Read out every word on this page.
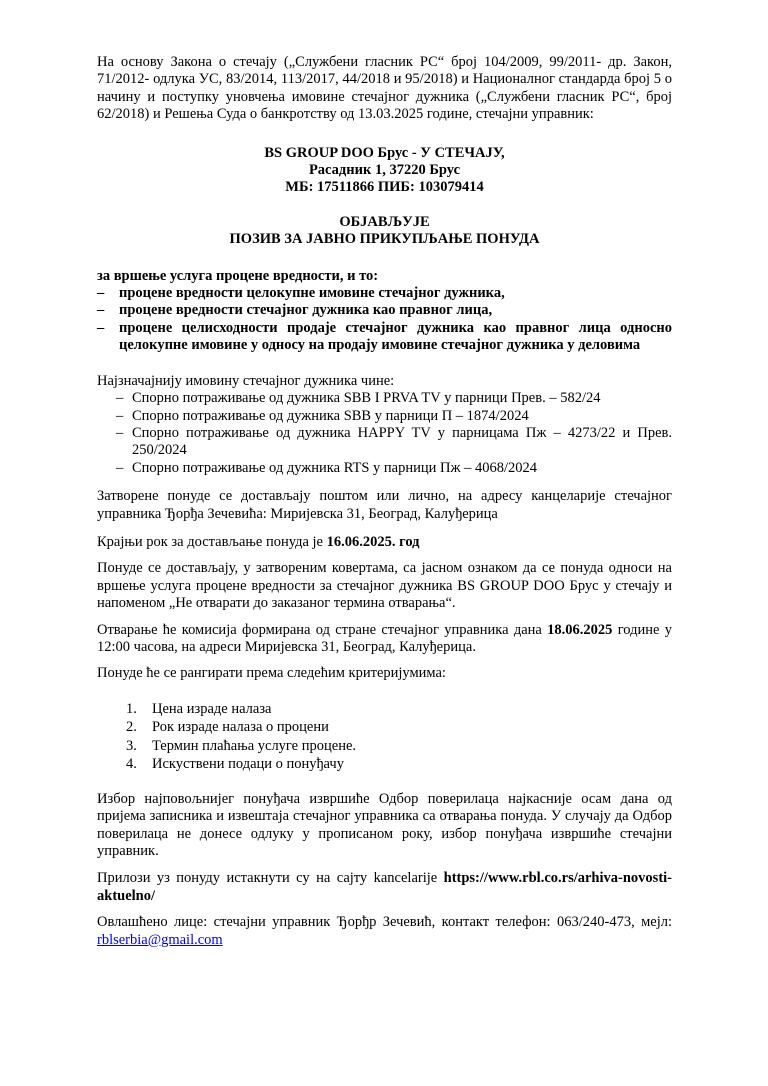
На основу Закона о стечају („Службени гласник РС“ број 104/2009, 99/2011- др. Закон, 71/2012- одлука УС, 83/2014, 113/2017, 44/2018 и 95/2018) и Националног стандарда број 5 о начину и поступку уновчења имовине стечајног дужника („Службени гласник РС“, број 62/2018) и Решења Суда о банкротству од 13.03.2025 године, стечајни управник:

BS GROUP DOO Брус - У СТЕЧАЈУ,
Расадник 1, 37220 Брус
МБ: 17511866 ПИБ: 103079414
ОБЈАВЉУЈЕ
ПОЗИВ ЗА ЈАВНО ПРИКУПЉАЊЕ ПОНУДА

за вршење услуга процене вредности, и то:

–	процене вредности целокупне имовине стечајног дужника,
–	процене вредности стечајног дужника као правног лица,
–	процене целисходности продаје стечајног дужника као правног лица односно целокупне имовине у односу на продају имовине стечајног дужника у деловима

Најзначајнију имовину стечајног дужника чине:

– Спорно потраживање од дужника SBB I PRVA TV у парници Прев. – 582/24
– Спорно потраживање од дужника SBB у парници П – 1874/2024
– Спорно потраживање од дужника HAPPY TV у парницама Пж – 4273/22 и Прев. 250/2024
– Спорно потраживање од дужника RTS у парници Пж – 4068/2024

Затворене понуде се достављају поштом или лично, на адресу канцеларије стечајног управника Ђорђа Зечевића: Миријевска 31, Београд, Калуђерица

Крајњи рок за достављање понуда је 16.06.2025. год

Понуде се достављају, у затвореним ковертама, са јасном ознаком да се понуда односи на вршење услуга процене вредности за стечајног дужника BS GROUP DOO Брус у стечају и напоменом „Не отварати до заказаног термина отварања“.

Отварање ће комисија формирана од стране стечајног управника дана 18.06.2025 године у 12:00 часова, на адреси Миријевска 31, Београд, Калуђерица.

Понуде ће се рангирати према следећим критеријумима:

1.	Цена израде налаза
2.	Рок израде налаза о процени
3.	Термин плаћања услуге процене.
4.	Искуствени подаци о понуђачу

Избор најповољнијег понуђача извршиће Одбор поверилаца најкасније осам дана од пријема записника и извештаја стечајног управника са отварања понуда. У случају да Одбор поверилаца не донесе одлуку у прописаном року, избор понуђача извршиће стечајни управник.

Прилози уз понуду истакнути су на сајту kancelarije https://www.rbl.co.rs/arhiva-novosti-aktuelno/

Овлашћено лице: стечајни управник Ђорђр Зечевић, контакт телефон: 063/240-473, мејл: rblserbia@gmail.com
